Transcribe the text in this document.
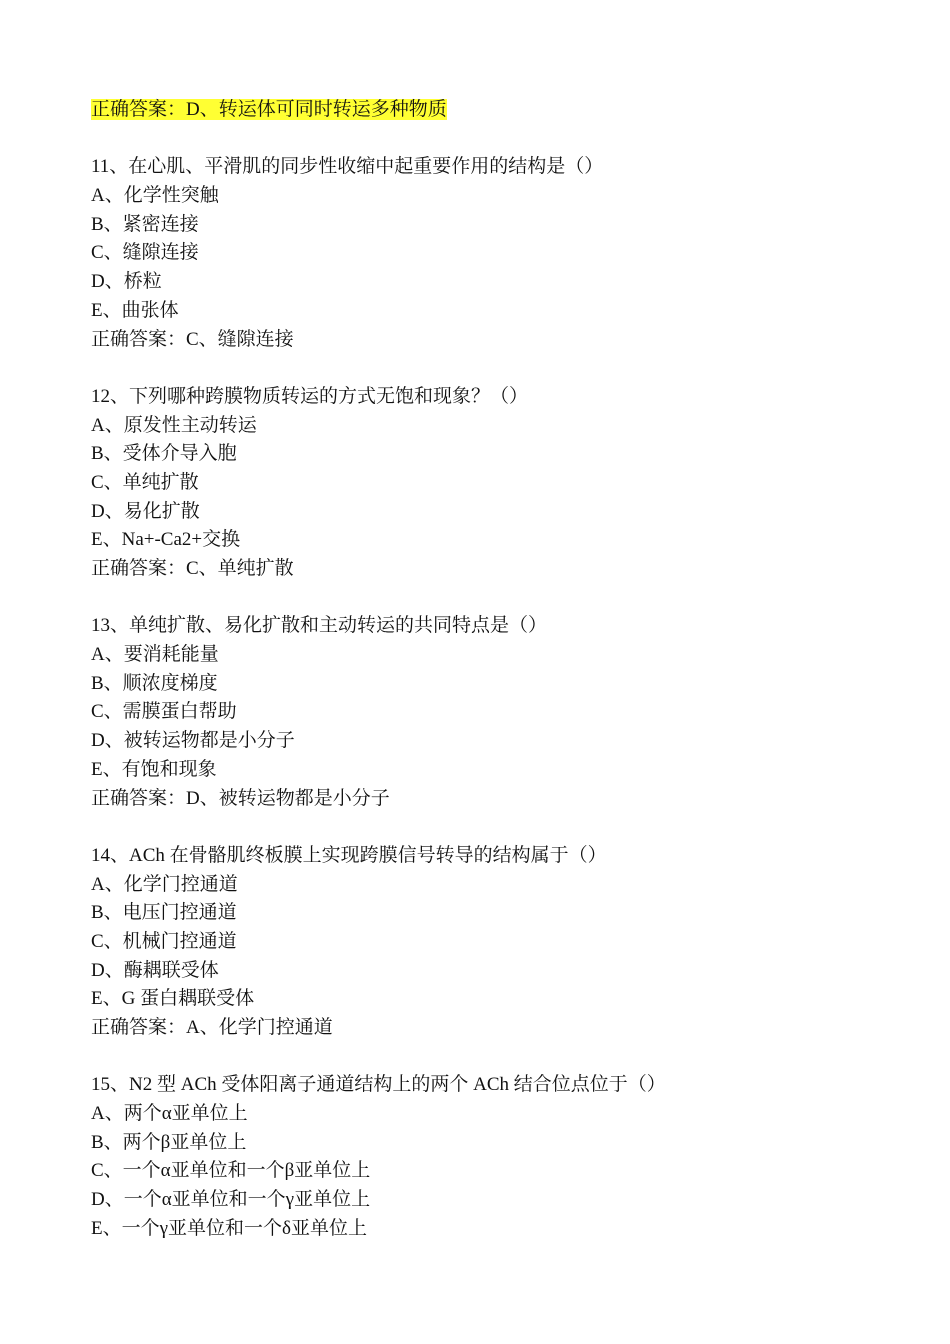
正确答案：D、转运体可同时转运多种物质
11、在心肌、平滑肌的同步性收缩中起重要作用的结构是（）
A、化学性突触
B、紧密连接
C、缝隙连接
D、桥粒
E、曲张体
正确答案：C、缝隙连接
12、下列哪种跨膜物质转运的方式无饱和现象？（）
A、原发性主动转运
B、受体介导入胞
C、单纯扩散
D、易化扩散
E、Na+-Ca2+交换
正确答案：C、单纯扩散
13、单纯扩散、易化扩散和主动转运的共同特点是（）
A、要消耗能量
B、顺浓度梯度
C、需膜蛋白帮助
D、被转运物都是小分子
E、有饱和现象
正确答案：D、被转运物都是小分子
14、ACh 在骨骼肌终板膜上实现跨膜信号转导的结构属于（）
A、化学门控通道
B、电压门控通道
C、机械门控通道
D、酶耦联受体
E、G 蛋白耦联受体
正确答案：A、化学门控通道
15、N2 型 ACh 受体阳离子通道结构上的两个 ACh 结合位点位于（）
A、两个α亚单位上
B、两个β亚单位上
C、一个α亚单位和一个β亚单位上
D、一个α亚单位和一个γ亚单位上
E、一个γ亚单位和一个δ亚单位上
